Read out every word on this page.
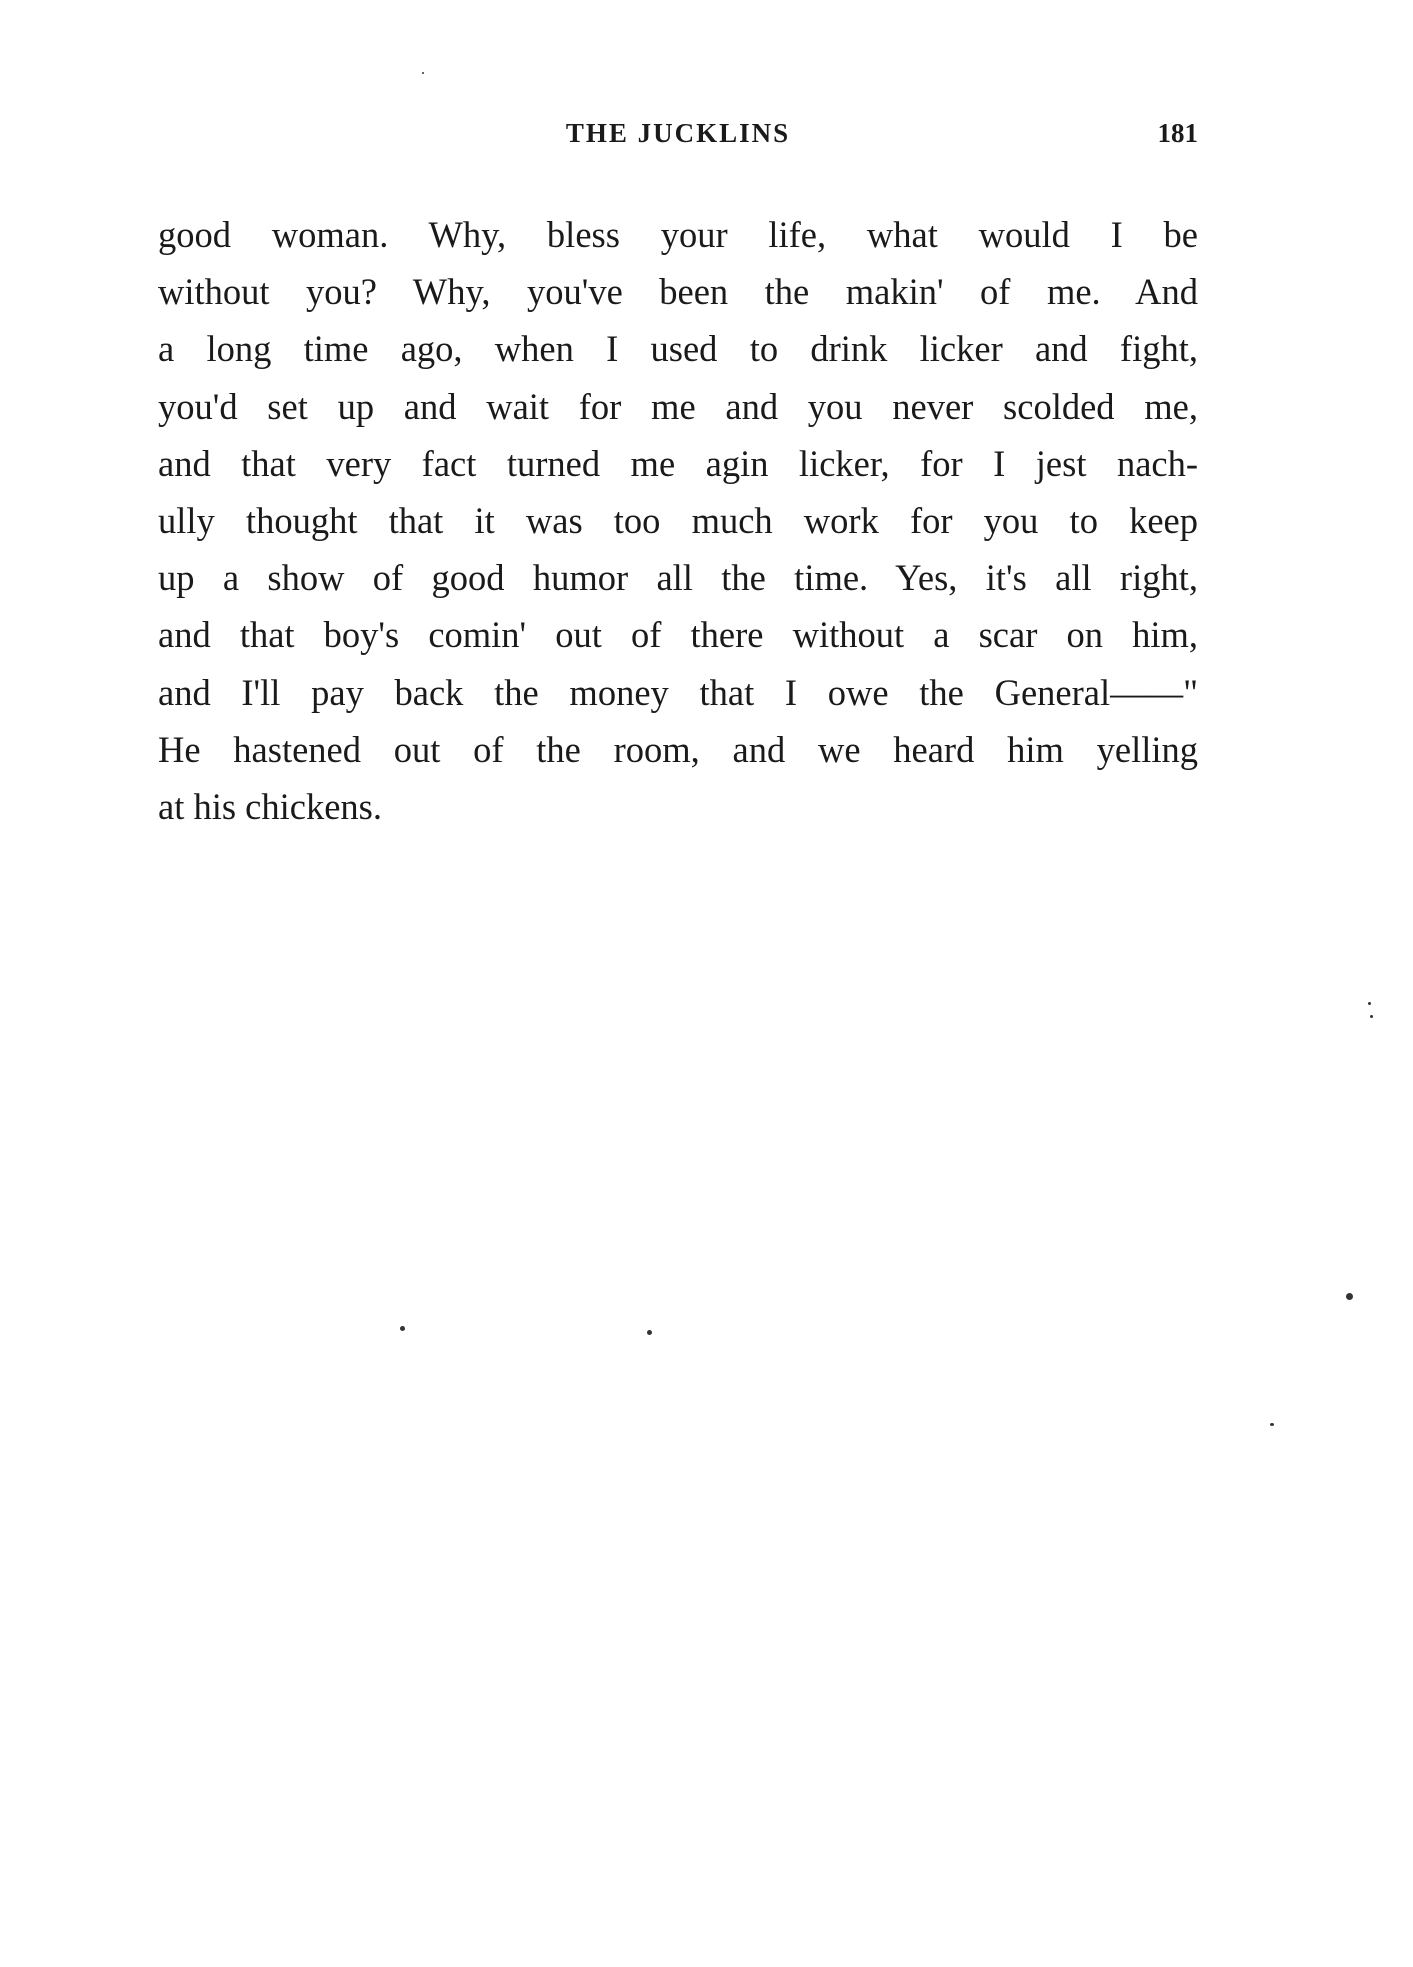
THE JUCKLINS	181
good woman. Why, bless your life, what would I be
without you? Why, you've been the makin' of me. And
a long time ago, when I used to drink licker and fight,
you'd set up and wait for me and you never scolded me,
and that very fact turned me agin licker, for I jest nach-
ully thought that it was too much work for you to keep
up a show of good humor all the time. Yes, it's all right,
and that boy's comin' out of there without a scar on him,
and I'll pay back the money that I owe the General——"
He hastened out of the room, and we heard him yelling
at his chickens.
